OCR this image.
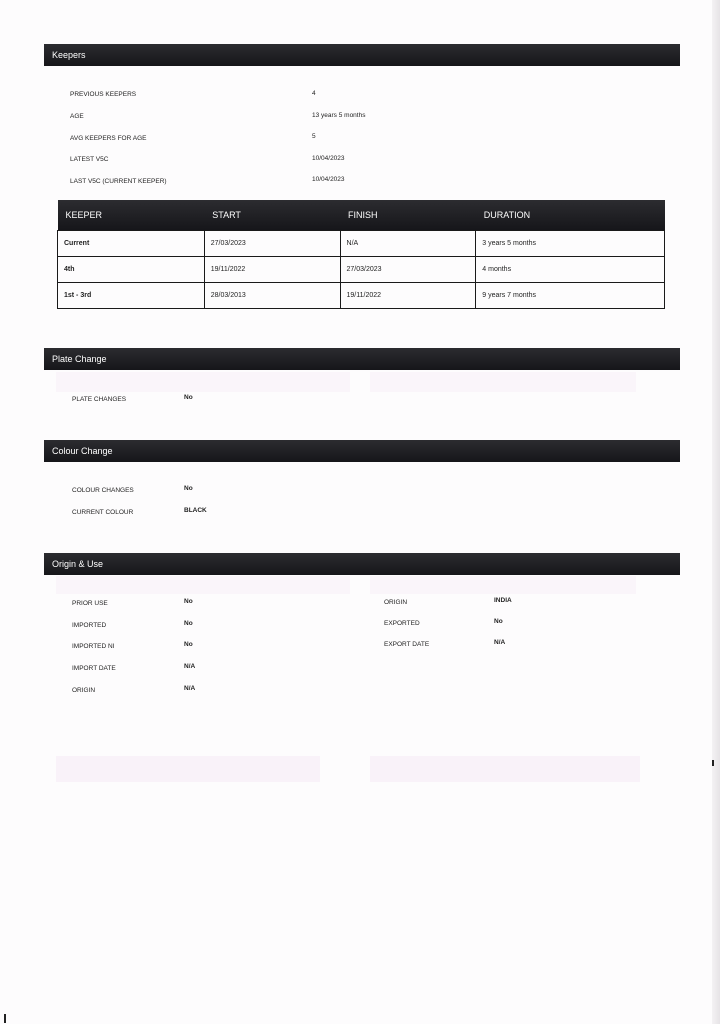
Keepers
PREVIOUS KEEPERS	4
AGE	13 years 5 months
AVG KEEPERS FOR AGE	5
LATEST V5C	10/04/2023
LAST V5C (CURRENT KEEPER)	10/04/2023
KEEPER	START	FINISH	DURATION
Current	27/03/2023	N/A	3 years 5 months
4th	19/11/2022	27/03/2023	4 months
1st - 3rd	28/03/2013	19/11/2022	9 years 7 months
Plate Change
PLATE CHANGES	No
Colour Change
COLOUR CHANGES	No
CURRENT COLOUR	BLACK
Origin & Use
PRIOR USE	No
IMPORTED	No
IMPORTED NI	No
IMPORT DATE	N/A
ORIGIN	N/A
ORIGIN	INDIA
EXPORTED	No
EXPORT DATE	N/A
